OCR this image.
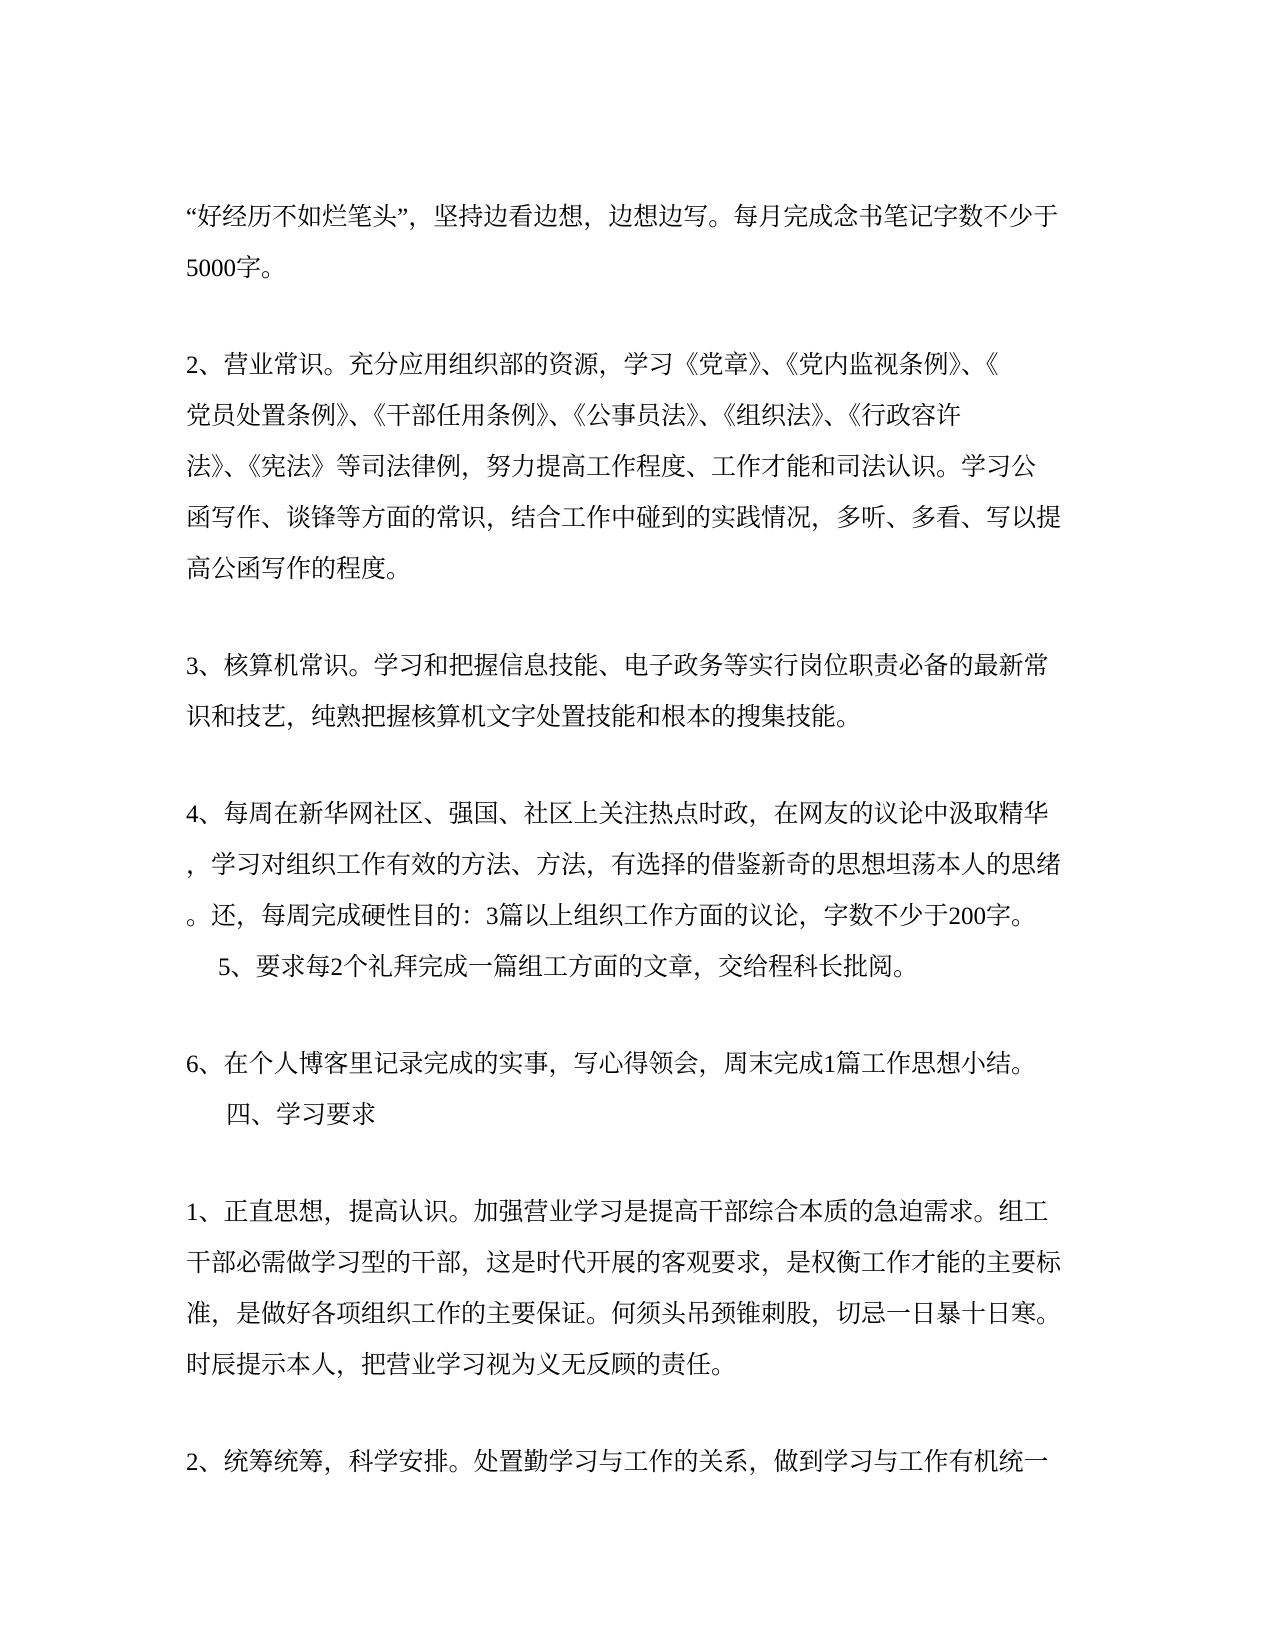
“好经历不如烂笔头”，坚持边看边想，边想边写。每月完成念书笔记字数不少于
5000字。
2、营业常识。充分应用组织部的资源，学习《党章》、《党内监视条例》、《
党员处置条例》、《干部任用条例》、《公事员法》、《组织法》、《行政容许
法》、《宪法》等司法律例，努力提高工作程度、工作才能和司法认识。学习公
函写作、谈锋等方面的常识，结合工作中碰到的实践情况，多听、多看、写以提
高公函写作的程度。
3、核算机常识。学习和把握信息技能、电子政务等实行岗位职责必备的最新常
识和技艺，纯熟把握核算机文字处置技能和根本的搜集技能。
4、每周在新华网社区、强国、社区上关注热点时政，在网友的议论中汲取精华
，学习对组织工作有效的方法、方法，有选择的借鉴新奇的思想坦荡本人的思绪
。还，每周完成硬性目的：3篇以上组织工作方面的议论，字数不少于200字。
5、要求每2个礼拜完成一篇组工方面的文章，交给程科长批阅。
6、在个人博客里记录完成的实事，写心得领会，周末完成1篇工作思想小结。
四、学习要求
1、正直思想，提高认识。加强营业学习是提高干部综合本质的急迫需求。组工
干部必需做学习型的干部，这是时代开展的客观要求，是权衡工作才能的主要标
准，是做好各项组织工作的主要保证。何须头吊颈锥刺股，切忌一日暴十日寒。
时辰提示本人，把营业学习视为义无反顾的责任。
2、统筹统筹，科学安排。处置勤学习与工作的关系，做到学习与工作有机统一
